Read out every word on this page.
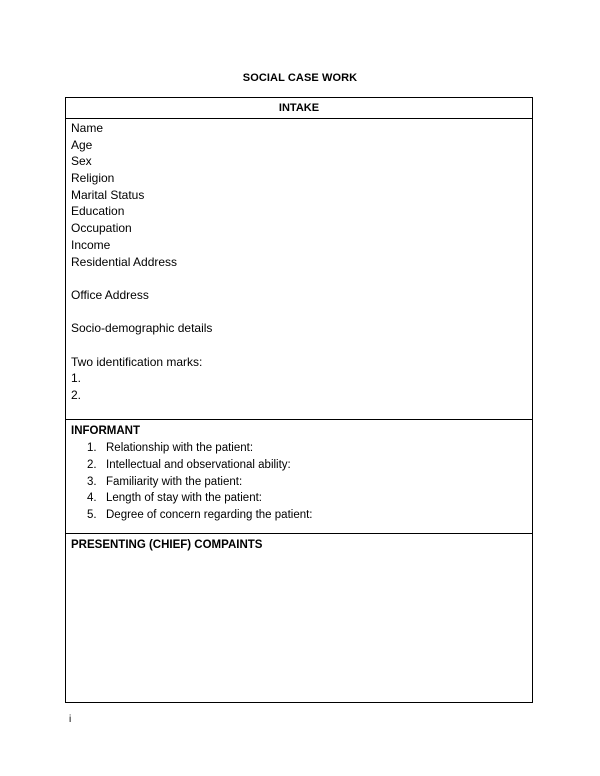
SOCIAL CASE WORK
INTAKE
Name
Age
Sex
Religion
Marital Status
Education
Occupation
Income
Residential Address
Office Address
Socio-demographic details
Two identification marks:
1.
2.
INFORMANT
1. Relationship with the patient:
2. Intellectual and observational ability:
3. Familiarity with the patient:
4. Length of stay with the patient:
5. Degree of concern regarding the patient:
PRESENTING (CHIEF) COMPAINTS
i
